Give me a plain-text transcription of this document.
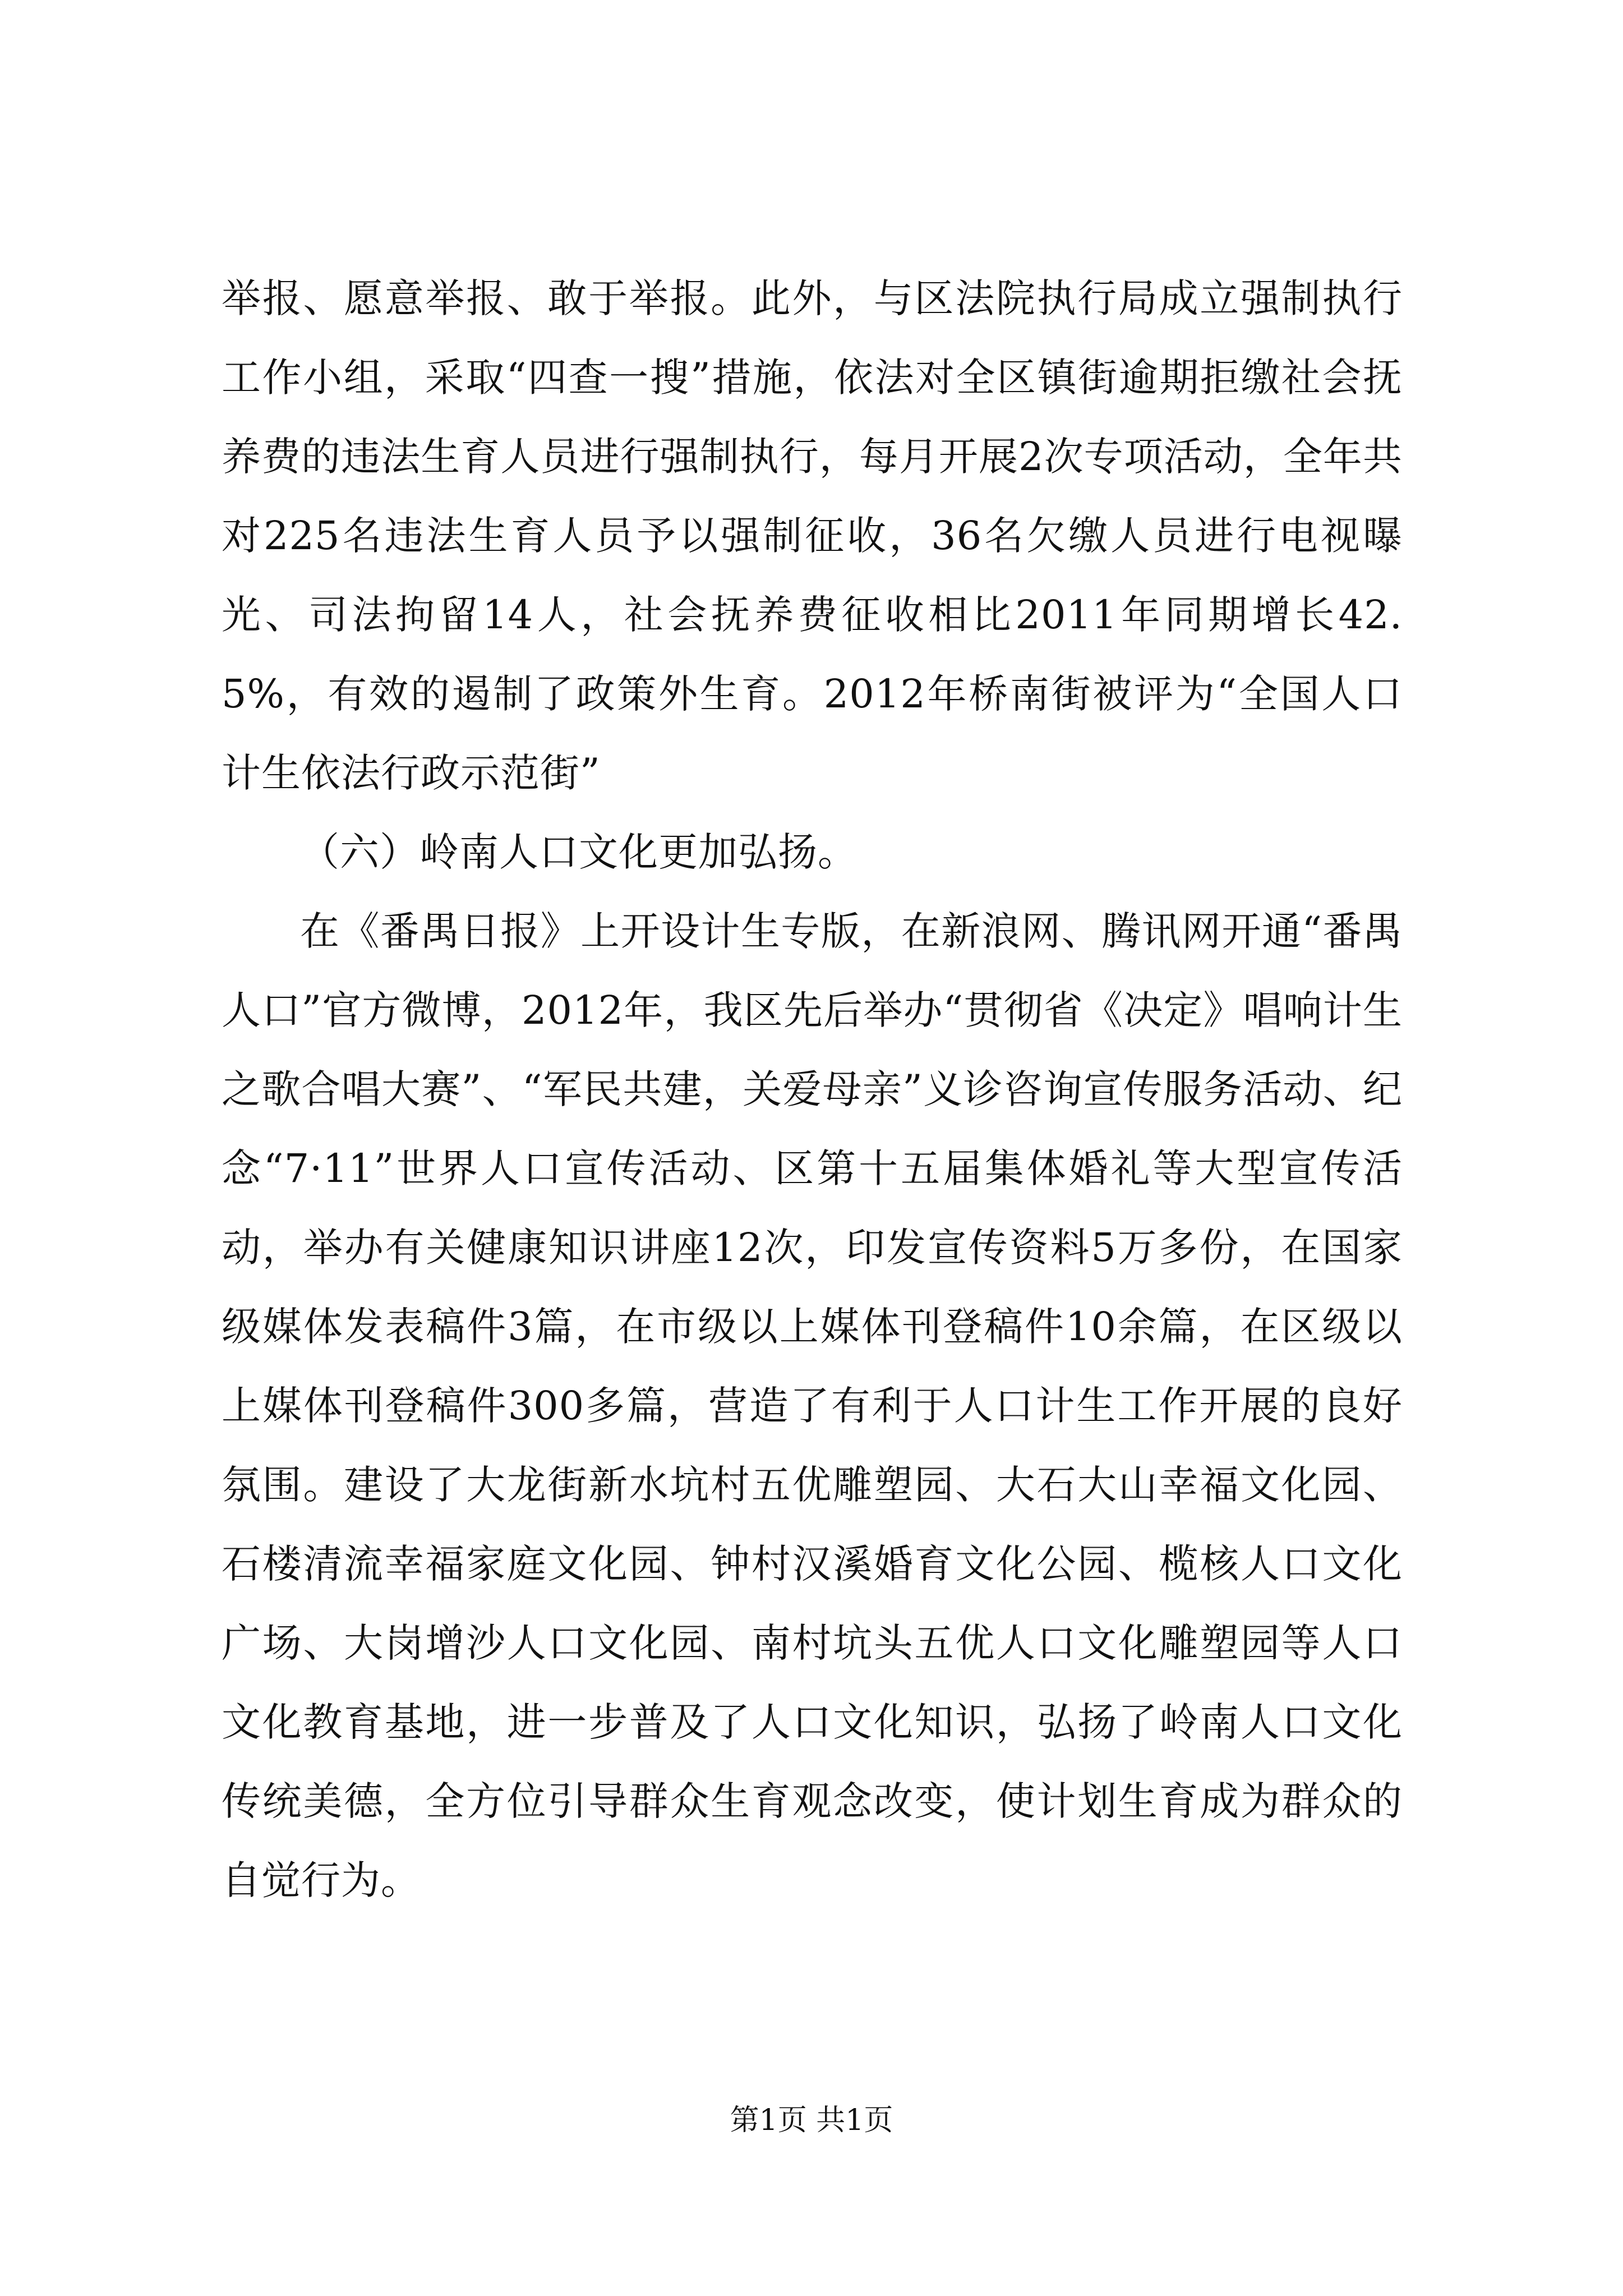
举报、愿意举报、敢于举报。此外，与区法院执行局成立强制执行工作小组，采取“四查一搜”措施，依法对全区镇街逾期拒缴社会抚养费的违法生育人员进行强制执行，每月开展2次专项活动，全年共对225名违法生育人员予以强制征收，36名欠缴人员进行电视曝光、司法拘留14人，社会抚养费征收相比2011年同期增长42.5%，有效的遏制了政策外生育。2012年桥南街被评为“全国人口计生依法行政示范街”

（六）岭南人口文化更加弘扬。

在《番禺日报》上开设计生专版，在新浪网、腾讯网开通“番禺人口”官方微博，2012年，我区先后举办“贯彻省《决定》唱响计生之歌合唱大赛”、“军民共建，关爱母亲”义诊咨询宣传服务活动、纪念“7·11”世界人口宣传活动、区第十五届集体婚礼等大型宣传活动，举办有关健康知识讲座12次，印发宣传资料5万多份，在国家级媒体发表稿件3篇，在市级以上媒体刊登稿件10余篇，在区级以上媒体刊登稿件300多篇，营造了有利于人口计生工作开展的良好氛围。建设了大龙街新水坑村五优雕塑园、大石大山幸福文化园、石楼清流幸福家庭文化园、钟村汉溪婚育文化公园、榄核人口文化广场、大岗增沙人口文化园、南村坑头五优人口文化雕塑园等人口文化教育基地，进一步普及了人口文化知识，弘扬了岭南人口文化传统美德，全方位引导群众生育观念改变，使计划生育成为群众的自觉行为。

第1页 共1页
